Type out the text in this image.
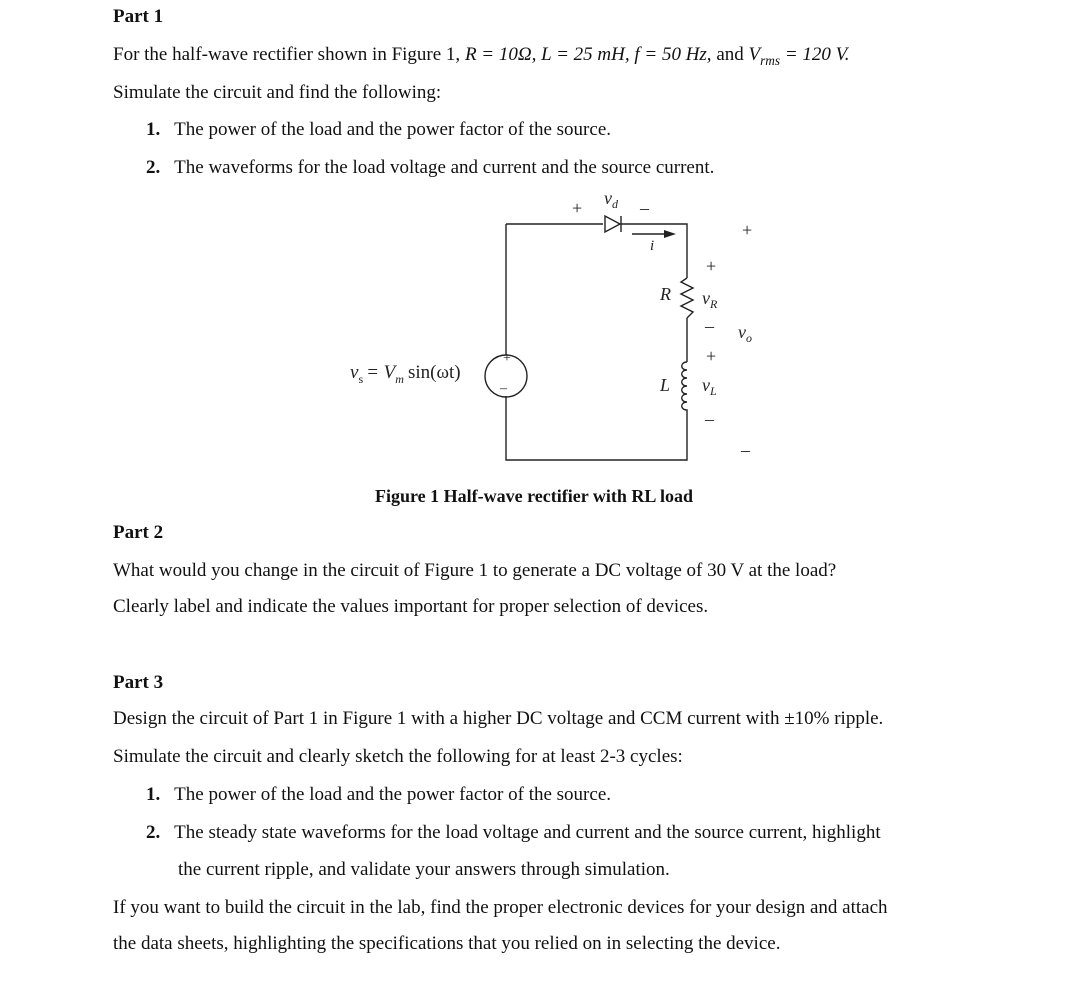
Part 1
For the half-wave rectifier shown in Figure 1, R = 10Ω, L = 25 mH, f = 50 Hz, and $V_{rms} = 120$ V.
Simulate the circuit and find the following:
1. The power of the load and the power factor of the source.
2. The waveforms for the load voltage and current and the source current.
+	–
$v_d$
i
+
–
$v_s = V_m$ sin(ωt)
R
+
$v_R$
–
L
+
$v_L$
–
+
$v_o$
–
Figure 1 Half-wave rectifier with RL load
Part 2
What would you change in the circuit of Figure 1 to generate a DC voltage of 30 V at the load?
Clearly label and indicate the values important for proper selection of devices.
Part 3
Design the circuit of Part 1 in Figure 1 with a higher DC voltage and CCM current with ±10% ripple.
Simulate the circuit and clearly sketch the following for at least 2-3 cycles:
1. The power of the load and the power factor of the source.
2. The steady state waveforms for the load voltage and current and the source current, highlight
the current ripple, and validate your answers through simulation.
If you want to build the circuit in the lab, find the proper electronic devices for your design and attach
the data sheets, highlighting the specifications that you relied on in selecting the device.
